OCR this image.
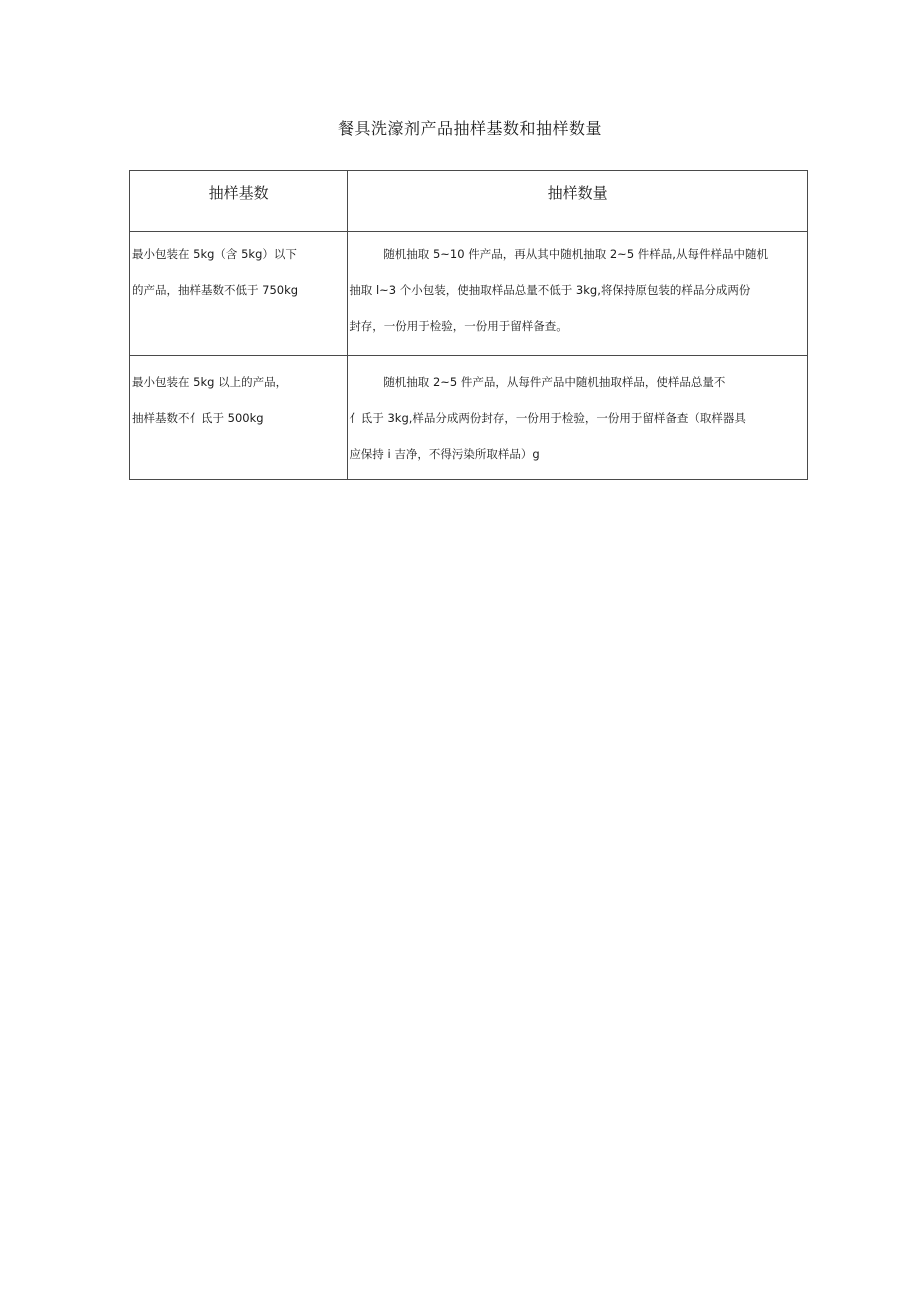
餐具洗濠剂产品抽样基数和抽样数量
抽样基数	抽样数量

最小包装在 5kg（含 5kg）以下
的产品，抽样基数不低于 750kg	随机抽取 5~10 件产品，再从其中随机抽取 2~5 件样品,从每件样品中随机
抽取 l~3 个小包装，使抽取样品总量不低于 3kg,将保持原包装的样品分成两份
封存，一份用于检验，一份用于留样备查。

最小包装在 5kg 以上的产品，
抽样基数不亻氐于 500kg	随机抽取 2~5 件产品，从每件产品中随机抽取样品，使样品总量不
亻氐于 3kg,样品分成两份封存，一份用于检验，一份用于留样备查（取样器具
应保持 i 吉净，不得污染所取样品）g
